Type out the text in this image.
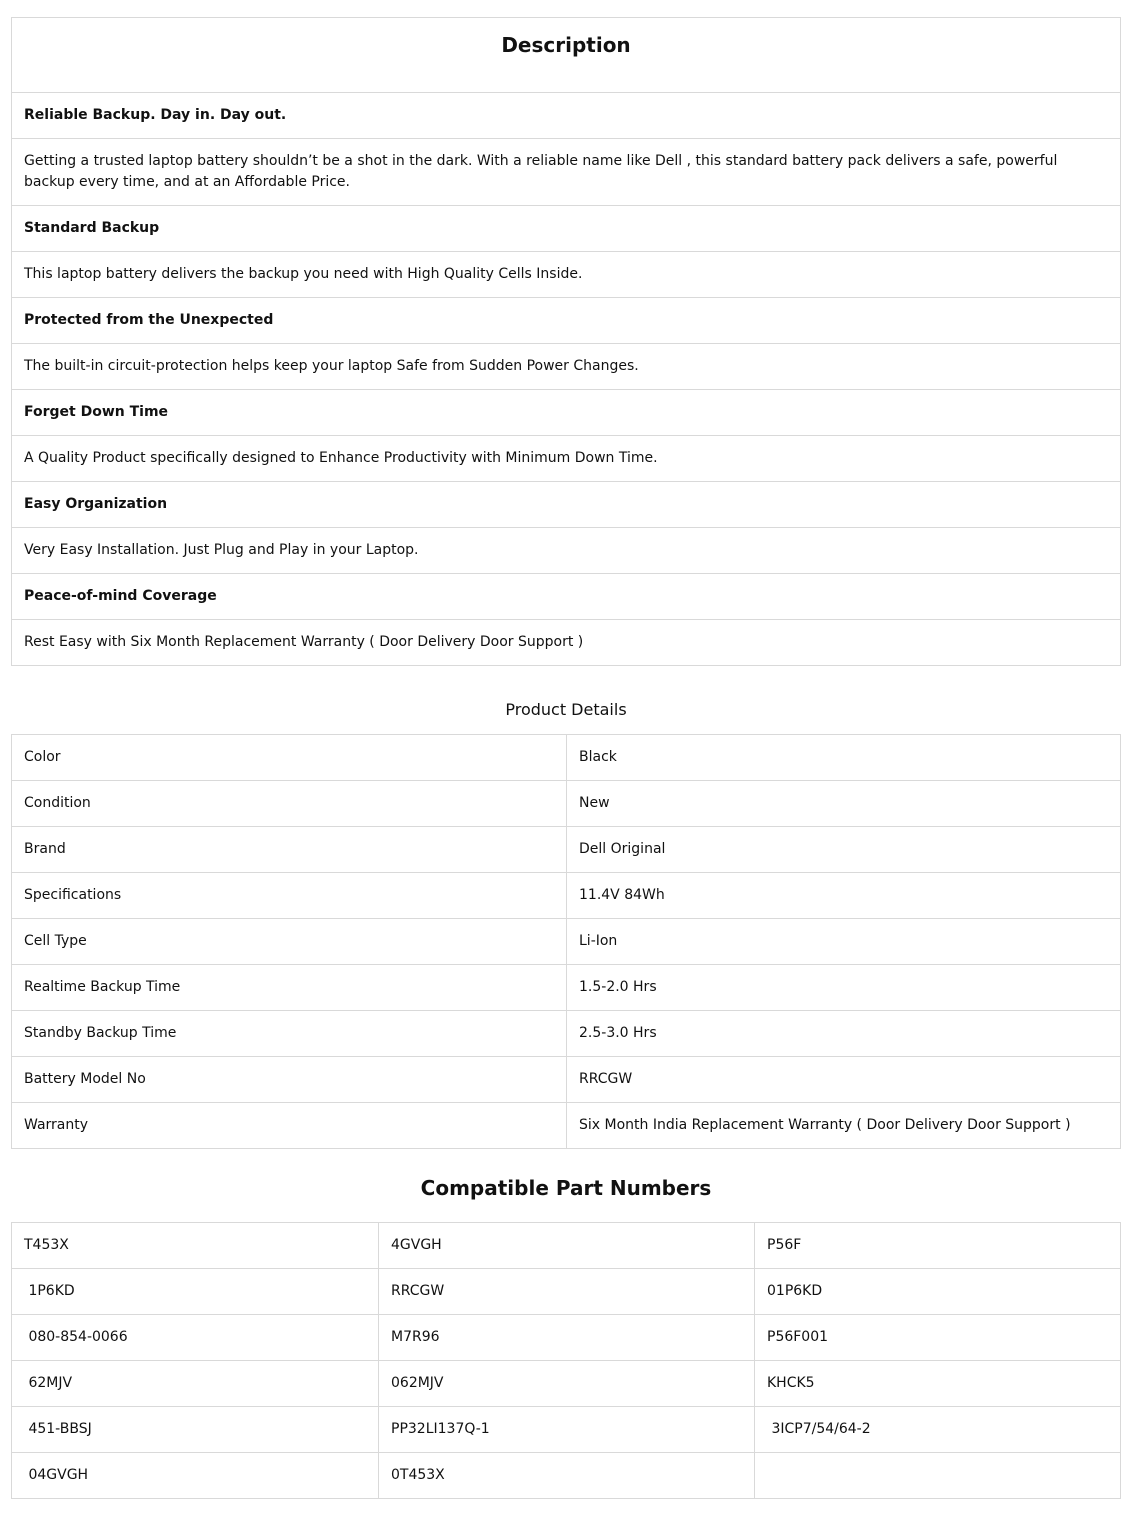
Description
Reliable Backup. Day in. Day out.
Getting a trusted laptop battery shouldn’t be a shot in the dark. With a reliable name like Dell , this standard battery pack delivers a safe, powerful backup every time, and at an Affordable Price.
Standard Backup
This laptop battery delivers the backup you need with High Quality Cells Inside.
Protected from the Unexpected
The built-in circuit-protection helps keep your laptop Safe from Sudden Power Changes.
Forget Down Time
A Quality Product specifically designed to Enhance Productivity with Minimum Down Time.
Easy Organization
Very Easy Installation. Just Plug and Play in your Laptop.
Peace-of-mind Coverage
Rest Easy with Six Month Replacement Warranty ( Door Delivery Door Support )
Product Details
Color	Black
Condition	New
Brand	Dell Original
Specifications	11.4V 84Wh
Cell Type	Li-Ion
Realtime Backup Time	1.5-2.0 Hrs
Standby Backup Time	2.5-3.0 Hrs
Battery Model No	RRCGW
Warranty	Six Month India Replacement Warranty ( Door Delivery Door Support )
Compatible Part Numbers
T453X	4GVGH	P56F
1P6KD	RRCGW	01P6KD
080-854-0066	M7R96	P56F001
62MJV	062MJV	KHCK5
451-BBSJ	PP32LI137Q-1	3ICP7/54/64-2
04GVGH	0T453X	
